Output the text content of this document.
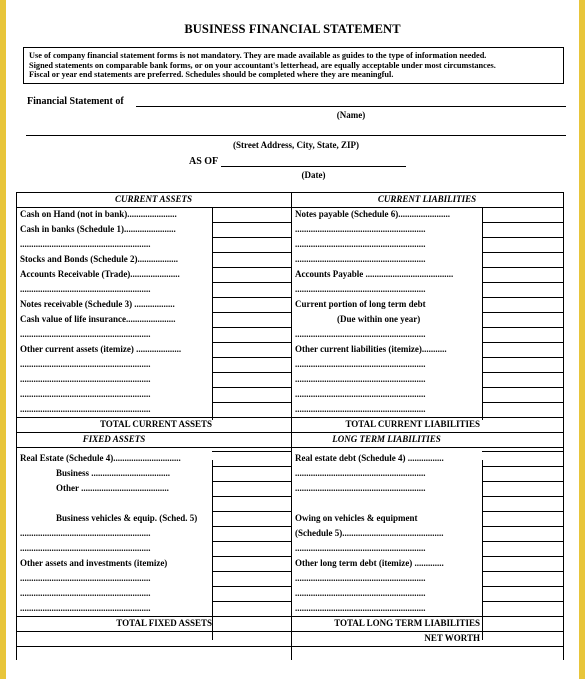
BUSINESS FINANCIAL STATEMENT
Use of company financial statement forms is not mandatory. They are made available as guides to the type of information needed.
Signed statements on comparable bank forms, or on your accountant's letterhead, are equally acceptable under most circumstances.
Fiscal or year end statements are preferred. Schedules should be completed where they are meaningful.
Financial Statement of
(Name)
(Street Address, City, State, ZIP)
AS OF
(Date)
CURRENT ASSETS	CURRENT LIABILITIES
Cash on Hand (not in bank)......................	Notes payable (Schedule 6).......................
Cash in banks (Schedule 1).......................	..........................................................
..........................................................	..........................................................
Stocks and Bonds (Schedule 2)..................	..........................................................
Accounts Receivable (Trade)......................	Accounts Payable .......................................
..........................................................	..........................................................
Notes receivable (Schedule 3) ..................	Current portion of long term debt
Cash value of life insurance......................	(Due within one year)
..........................................................	..........................................................
Other current assets (itemize) ....................	Other current liabilities (itemize)...........
..........................................................	..........................................................
..........................................................	..........................................................
..........................................................	..........................................................
..........................................................	..........................................................
TOTAL CURRENT ASSETS	TOTAL CURRENT LIABILITIES
FIXED ASSETS	LONG TERM LIABILITIES
Real Estate (Schedule 4)..............................	Real estate debt (Schedule 4) ................
Business ...................................	..........................................................
Other .......................................	..........................................................
Business vehicles & equip. (Sched. 5)	Owing on vehicles & equipment
..........................................................	(Schedule 5).............................................
..........................................................	..........................................................
Other assets and investments (itemize)	Other long term debt (itemize) .............
..........................................................	..........................................................
..........................................................	..........................................................
..........................................................	..........................................................
TOTAL FIXED ASSETS	TOTAL LONG TERM LIABILITIES
NET WORTH
